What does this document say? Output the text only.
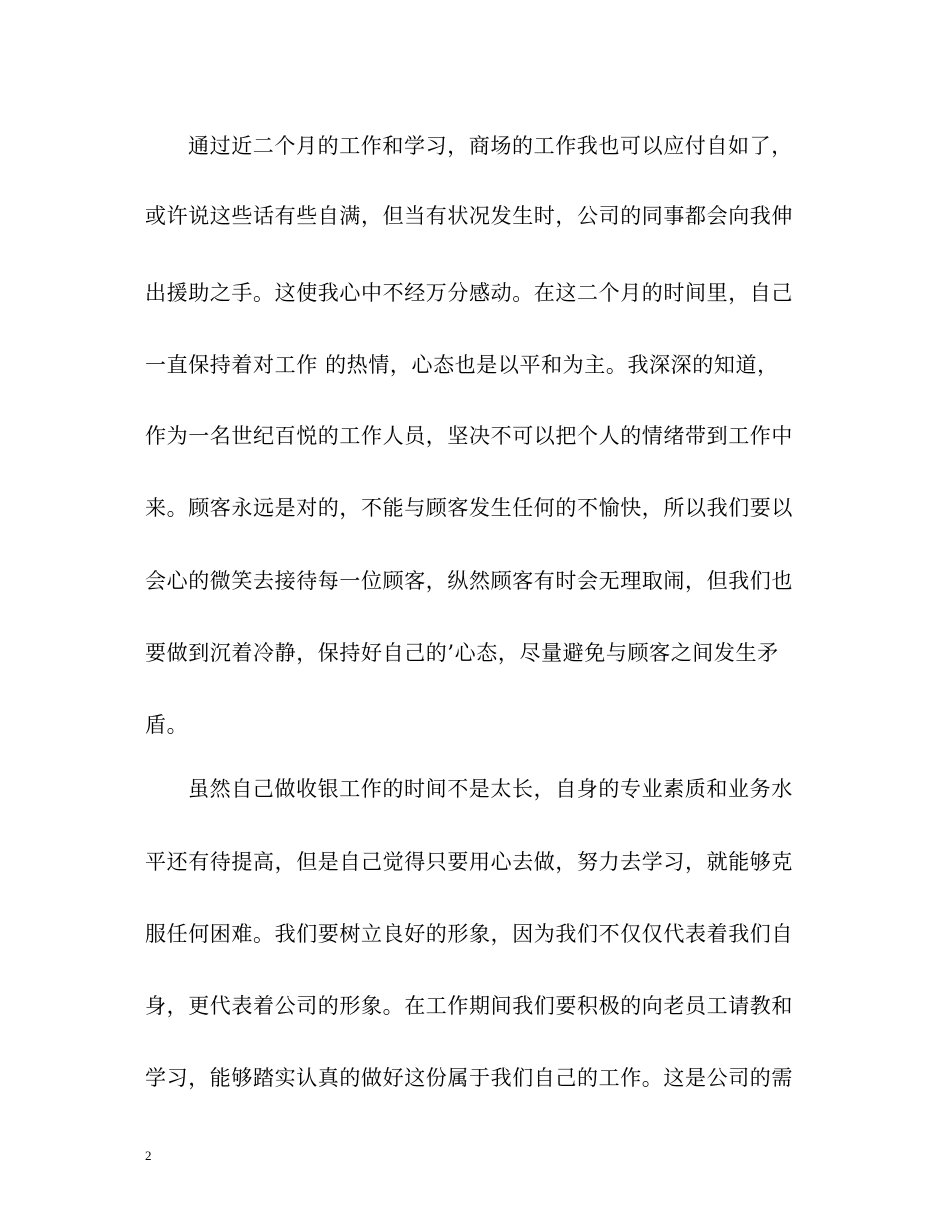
通过近二个月的工作和学习，商场的工作我也可以应付自如了，
或许说这些话有些自满，但当有状况发生时，公司的同事都会向我伸
出援助之手。这使我心中不经万分感动。在这二个月的时间里，自己
一直保持着对工作 的热情，心态也是以平和为主。我深深的知道，
作为一名世纪百悦的工作人员，坚决不可以把个人的情绪带到工作中
来。顾客永远是对的，不能与顾客发生任何的不愉快，所以我们要以
会心的微笑去接待每一位顾客，纵然顾客有时会无理取闹，但我们也
要做到沉着冷静，保持好自己的’心态，尽量避免与顾客之间发生矛
盾。
虽然自己做收银工作的时间不是太长，自身的专业素质和业务水
平还有待提高，但是自己觉得只要用心去做，努力去学习，就能够克
服任何困难。我们要树立良好的形象，因为我们不仅仅代表着我们自
身，更代表着公司的形象。在工作期间我们要积极的向老员工请教和
学习，能够踏实认真的做好这份属于我们自己的工作。这是公司的需
2
